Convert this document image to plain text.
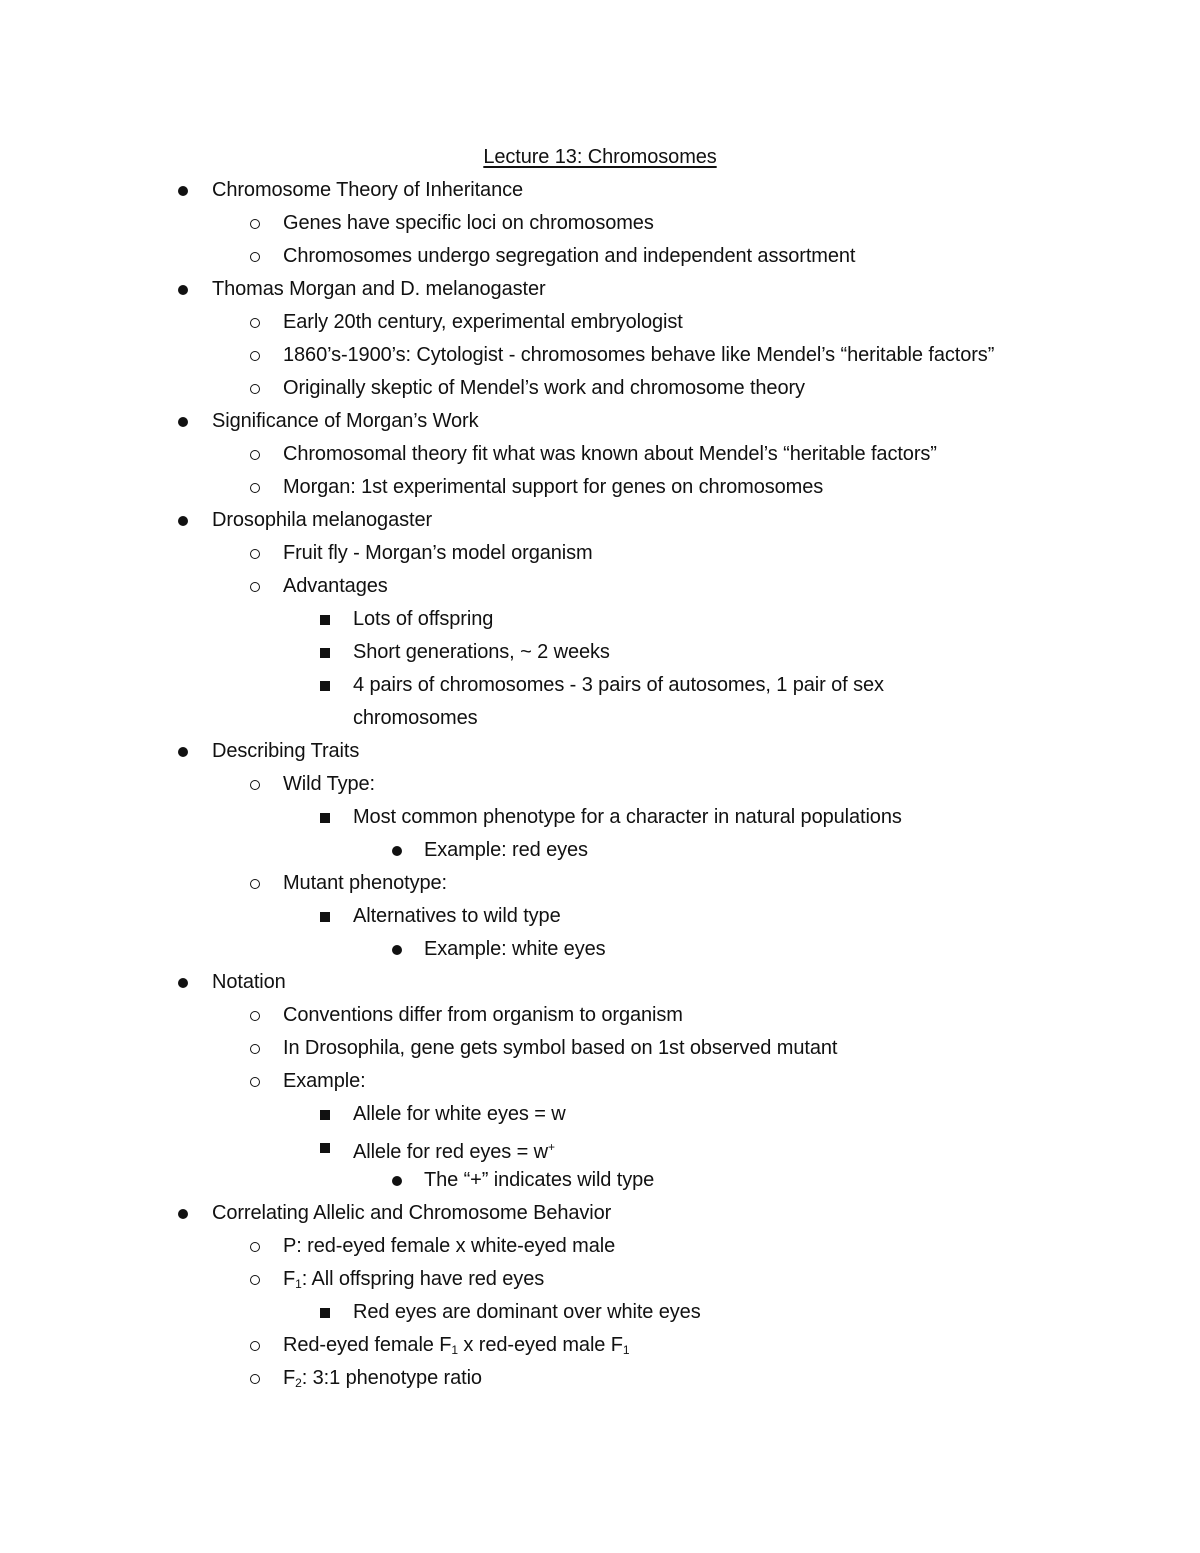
Lecture 13: Chromosomes
Chromosome Theory of Inheritance
Genes have specific loci on chromosomes
Chromosomes undergo segregation and independent assortment
Thomas Morgan and D. melanogaster
Early 20th century, experimental embryologist
1860’s-1900’s: Cytologist - chromosomes behave like Mendel’s “heritable factors”
Originally skeptic of Mendel’s work and chromosome theory
Significance of Morgan’s Work
Chromosomal theory fit what was known about Mendel’s “heritable factors”
Morgan: 1st experimental support for genes on chromosomes
Drosophila melanogaster
Fruit fly - Morgan’s model organism
Advantages
Lots of offspring
Short generations, ~ 2 weeks
4 pairs of chromosomes - 3 pairs of autosomes, 1 pair of sex
chromosomes
Describing Traits
Wild Type:
Most common phenotype for a character in natural populations
Example: red eyes
Mutant phenotype:
Alternatives to wild type
Example: white eyes
Notation
Conventions differ from organism to organism
In Drosophila, gene gets symbol based on 1st observed mutant
Example:
Allele for white eyes = w
Allele for red eyes = w+
The “+” indicates wild type
Correlating Allelic and Chromosome Behavior
P: red-eyed female x white-eyed male
$F_1$: All offspring have red eyes
Red eyes are dominant over white eyes
Red-eyed female $F_1$ x red-eyed male $F_1$
$F_2$: 3:1 phenotype ratio
